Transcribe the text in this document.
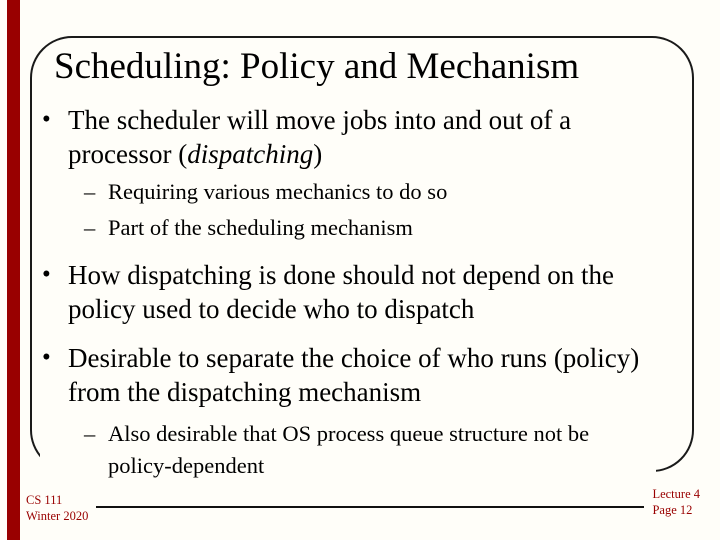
Scheduling: Policy and Mechanism
• The scheduler will move jobs into and out of a processor (dispatching)
– Requiring various mechanics to do so
– Part of the scheduling mechanism
• How dispatching is done should not depend on the policy used to decide who to dispatch
• Desirable to separate the choice of who runs (policy) from the dispatching mechanism
– Also desirable that OS process queue structure not be policy-dependent
CS 111
Winter 2020
Lecture 4
Page 12
